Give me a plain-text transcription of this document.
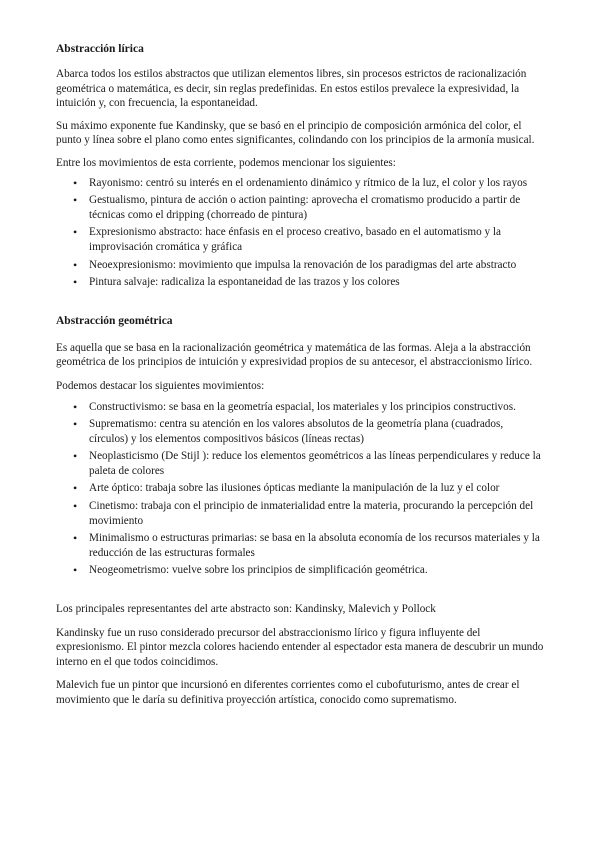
Abstracción lírica

Abarca todos los estilos abstractos que utilizan elementos libres, sin procesos estrictos de racionalización geométrica o matemática, es decir, sin reglas predefinidas. En estos estilos prevalece la expresividad, la intuición y, con frecuencia, la espontaneidad.

Su máximo exponente fue Kandinsky, que se basó en el principio de composición armónica del color, el punto y línea sobre el plano como entes significantes, colindando con los principios de la armonía musical.

Entre los movimientos de esta corriente, podemos mencionar los siguientes:

• Rayonismo: centró su interés en el ordenamiento dinámico y rítmico de la luz, el color y los rayos
• Gestualismo, pintura de acción o action painting: aprovecha el cromatismo producido a partir de técnicas como el dripping (chorreado de pintura)
• Expresionismo abstracto: hace énfasis en el proceso creativo, basado en el automatismo y la improvisación cromática y gráfica
• Neoexpresionismo: movimiento que impulsa la renovación de los paradigmas del arte abstracto
• Pintura salvaje: radicaliza la espontaneidad de las trazos y los colores
Abstracción geométrica

Es aquella que se basa en la racionalización geométrica y matemática de las formas. Aleja a la abstracción geométrica de los principios de intuición y expresividad propios de su antecesor, el abstraccionismo lírico.

Podemos destacar los siguientes movimientos:

• Constructivismo: se basa en la geometría espacial, los materiales y los principios constructivos.
• Suprematismo: centra su atención en los valores absolutos de la geometría plana (cuadrados, círculos) y los elementos compositivos básicos (líneas rectas)
• Neoplasticismo (De Stijl ): reduce los elementos geométricos a las líneas perpendiculares y reduce la paleta de colores
• Arte óptico: trabaja sobre las ilusiones ópticas mediante la manipulación de la luz y el color
• Cinetismo: trabaja con el principio de inmaterialidad entre la materia, procurando la percepción del movimiento
• Minimalismo o estructuras primarias: se basa en la absoluta economía de los recursos materiales y la reducción de las estructuras formales
• Neogeometrismo: vuelve sobre los principios de simplificación geométrica.

Los principales representantes del arte abstracto son: Kandinsky, Malevich y Pollock

Kandinsky fue un ruso considerado precursor del abstraccionismo lírico y figura influyente del expresionismo. El pintor mezcla colores haciendo entender al espectador esta manera de descubrir un mundo interno en el que todos coincidimos.

Malevich fue un pintor que incursionó en diferentes corrientes como el cubofuturismo, antes de crear el movimiento que le daría su definitiva proyección artística, conocido como suprematismo.
